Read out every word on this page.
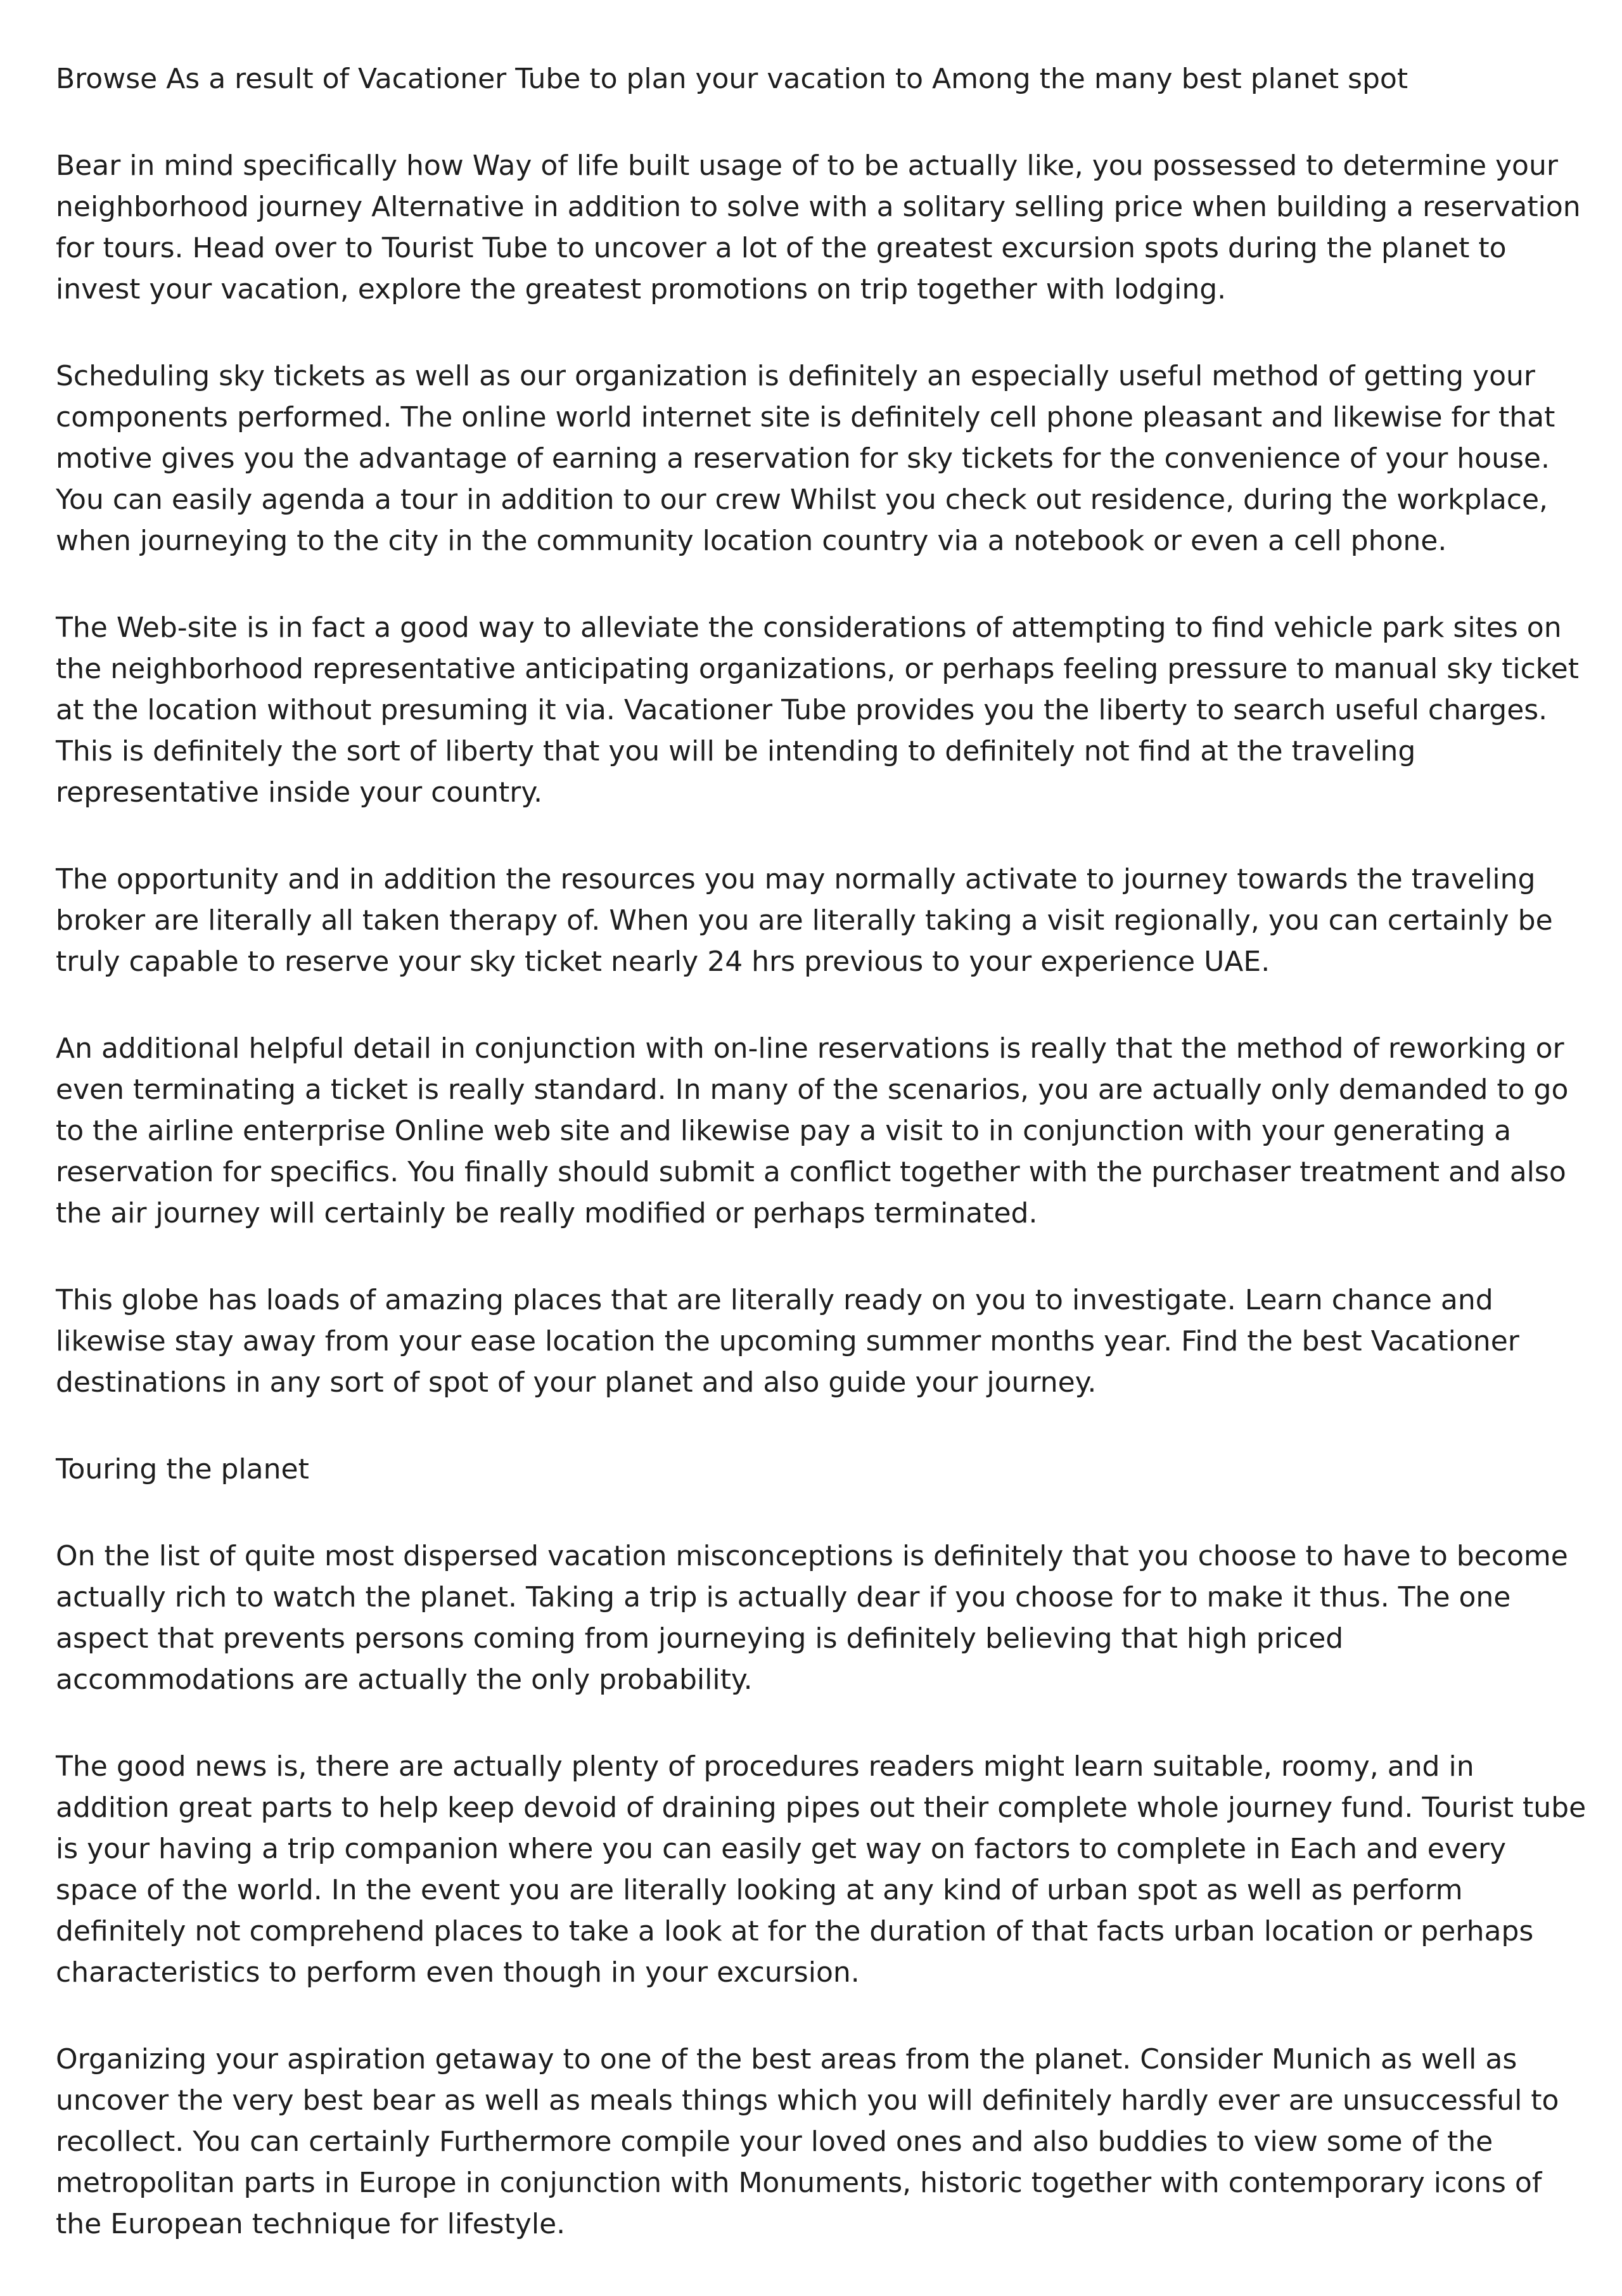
Browse As a result of Vacationer Tube to plan your vacation to Among the many best planet spot

Bear in mind specifically how Way of life built usage of to be actually like, you possessed to determine your neighborhood journey Alternative in addition to solve with a solitary selling price when building a reservation for tours. Head over to Tourist Tube to uncover a lot of the greatest excursion spots during the planet to invest your vacation, explore the greatest promotions on trip together with lodging.

Scheduling sky tickets as well as our organization is definitely an especially useful method of getting your components performed. The online world internet site is definitely cell phone pleasant and likewise for that motive gives you the advantage of earning a reservation for sky tickets for the convenience of your house. You can easily agenda a tour in addition to our crew Whilst you check out residence, during the workplace, when journeying to the city in the community location country via a notebook or even a cell phone.

The Web-site is in fact a good way to alleviate the considerations of attempting to find vehicle park sites on the neighborhood representative anticipating organizations, or perhaps feeling pressure to manual sky ticket at the location without presuming it via. Vacationer Tube provides you the liberty to search useful charges. This is definitely the sort of liberty that you will be intending to definitely not find at the traveling representative inside your country.

The opportunity and in addition the resources you may normally activate to journey towards the traveling broker are literally all taken therapy of. When you are literally taking a visit regionally, you can certainly be truly capable to reserve your sky ticket nearly 24 hrs previous to your experience UAE.

An additional helpful detail in conjunction with on-line reservations is really that the method of reworking or even terminating a ticket is really standard. In many of the scenarios, you are actually only demanded to go to the airline enterprise Online web site and likewise pay a visit to in conjunction with your generating a reservation for specifics. You finally should submit a conflict together with the purchaser treatment and also the air journey will certainly be really modified or perhaps terminated.

This globe has loads of amazing places that are literally ready on you to investigate. Learn chance and likewise stay away from your ease location the upcoming summer months year. Find the best Vacationer destinations in any sort of spot of your planet and also guide your journey.

Touring the planet

On the list of quite most dispersed vacation misconceptions is definitely that you choose to have to become actually rich to watch the planet. Taking a trip is actually dear if you choose for to make it thus. The one aspect that prevents persons coming from journeying is definitely believing that high priced accommodations are actually the only probability.

The good news is, there are actually plenty of procedures readers might learn suitable, roomy, and in addition great parts to help keep devoid of draining pipes out their complete whole journey fund. Tourist tube is your having a trip companion where you can easily get way on factors to complete in Each and every space of the world. In the event you are literally looking at any kind of urban spot as well as perform definitely not comprehend places to take a look at for the duration of that facts urban location or perhaps characteristics to perform even though in your excursion.

Organizing your aspiration getaway to one of the best areas from the planet. Consider Munich as well as uncover the very best bear as well as meals things which you will definitely hardly ever are unsuccessful to recollect. You can certainly Furthermore compile your loved ones and also buddies to view some of the metropolitan parts in Europe in conjunction with Monuments, historic together with contemporary icons of the European technique for lifestyle.
